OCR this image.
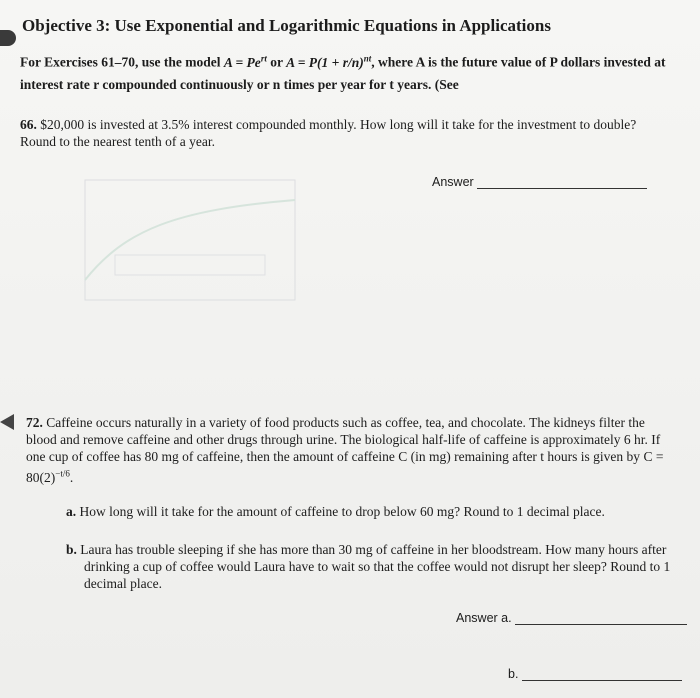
Objective 3: Use Exponential and Logarithmic Equations in Applications
For Exercises 61–70, use the model $A = Pe^{rt}$ or $A = P(1 + r/n)^{nt}$, where A is the future value of P dollars invested at interest rate r compounded continuously or n times per year for t years. (See
66. $20,000 is invested at 3.5% interest compounded monthly. How long will it take for the investment to double? Round to the nearest tenth of a year.
Answer
72. Caffeine occurs naturally in a variety of food products such as coffee, tea, and chocolate. The kidneys filter the blood and remove caffeine and other drugs through urine. The biological half-life of caffeine is approximately 6 hr. If one cup of coffee has 80 mg of caffeine, then the amount of caffeine C (in mg) remaining after t hours is given by $C = 80(2)^{-t/6}$.
a. How long will it take for the amount of caffeine to drop below 60 mg? Round to 1 decimal place.
b. Laura has trouble sleeping if she has more than 30 mg of caffeine in her bloodstream. How many hours after drinking a cup of coffee would Laura have to wait so that the coffee would not disrupt her sleep? Round to 1 decimal place.
Answer a.
b.
